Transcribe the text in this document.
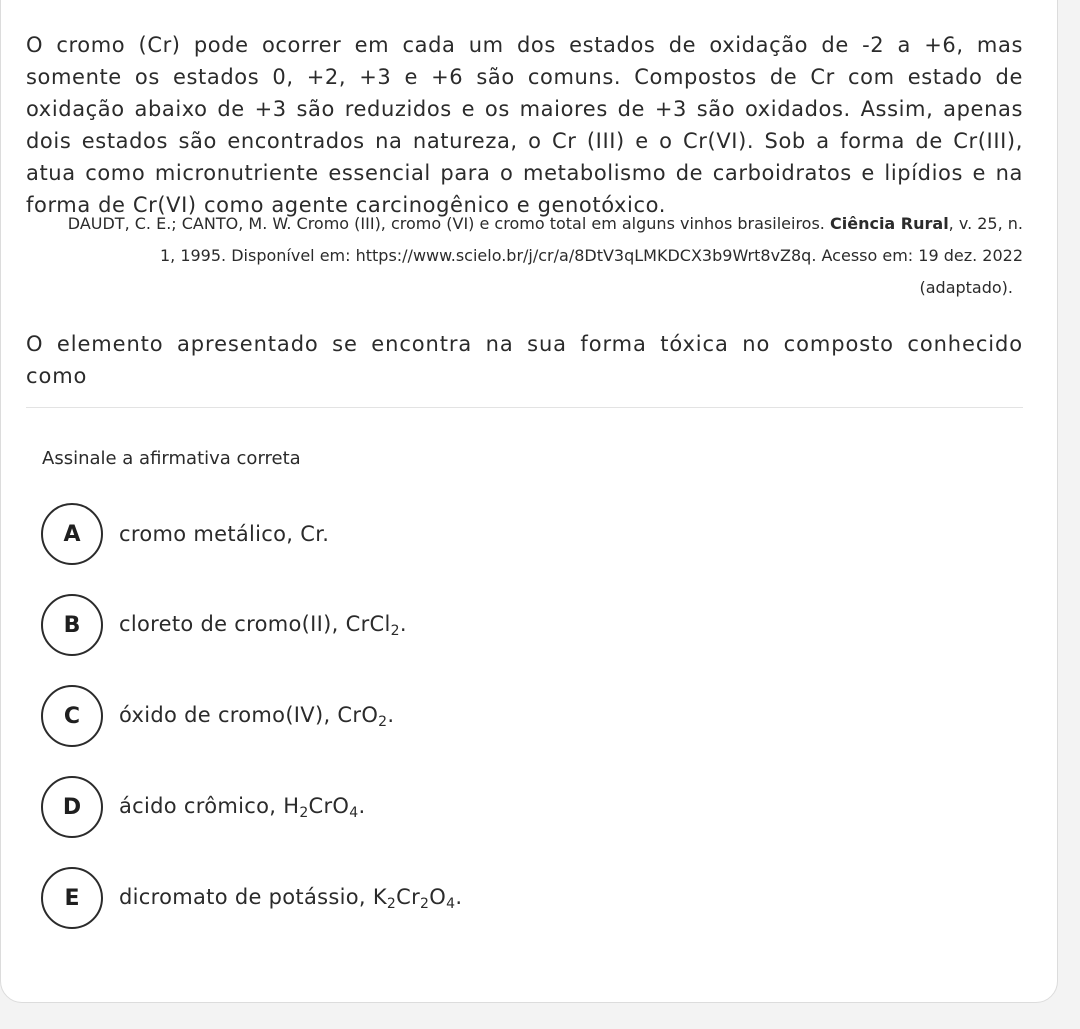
O cromo (Cr) pode ocorrer em cada um dos estados de oxidação de -2 a +6, mas somente os estados 0, +2, +3 e +6 são comuns. Compostos de Cr com estado de oxidação abaixo de +3 são reduzidos e os maiores de +3 são oxidados. Assim, apenas dois estados são encontrados na natureza, o Cr (III) e o Cr(VI). Sob a forma de Cr(III), atua como micronutriente essencial para o metabolismo de carboidratos e lipídios e na forma de Cr(VI) como agente carcinogênico e genotóxico.

DAUDT, C. E.; CANTO, M. W. Cromo (III), cromo (VI) e cromo total em alguns vinhos brasileiros. Ciência Rural, v. 25, n.
1, 1995. Disponível em: https://www.scielo.br/j/cr/a/8DtV3qLMKDCX3b9Wrt8vZ8q. Acesso em: 19 dez. 2022
(adaptado).

O elemento apresentado se encontra na sua forma tóxica no composto conhecido como

Assinale a afirmativa correta

A	cromo metálico, Cr.
B	cloreto de cromo(II), CrCl$_2$.
C	óxido de cromo(IV), CrO$_2$.
D	ácido crômico, $H_2CrO_4$.
E	dicromato de potássio, $K_2Cr_2O_4$.
